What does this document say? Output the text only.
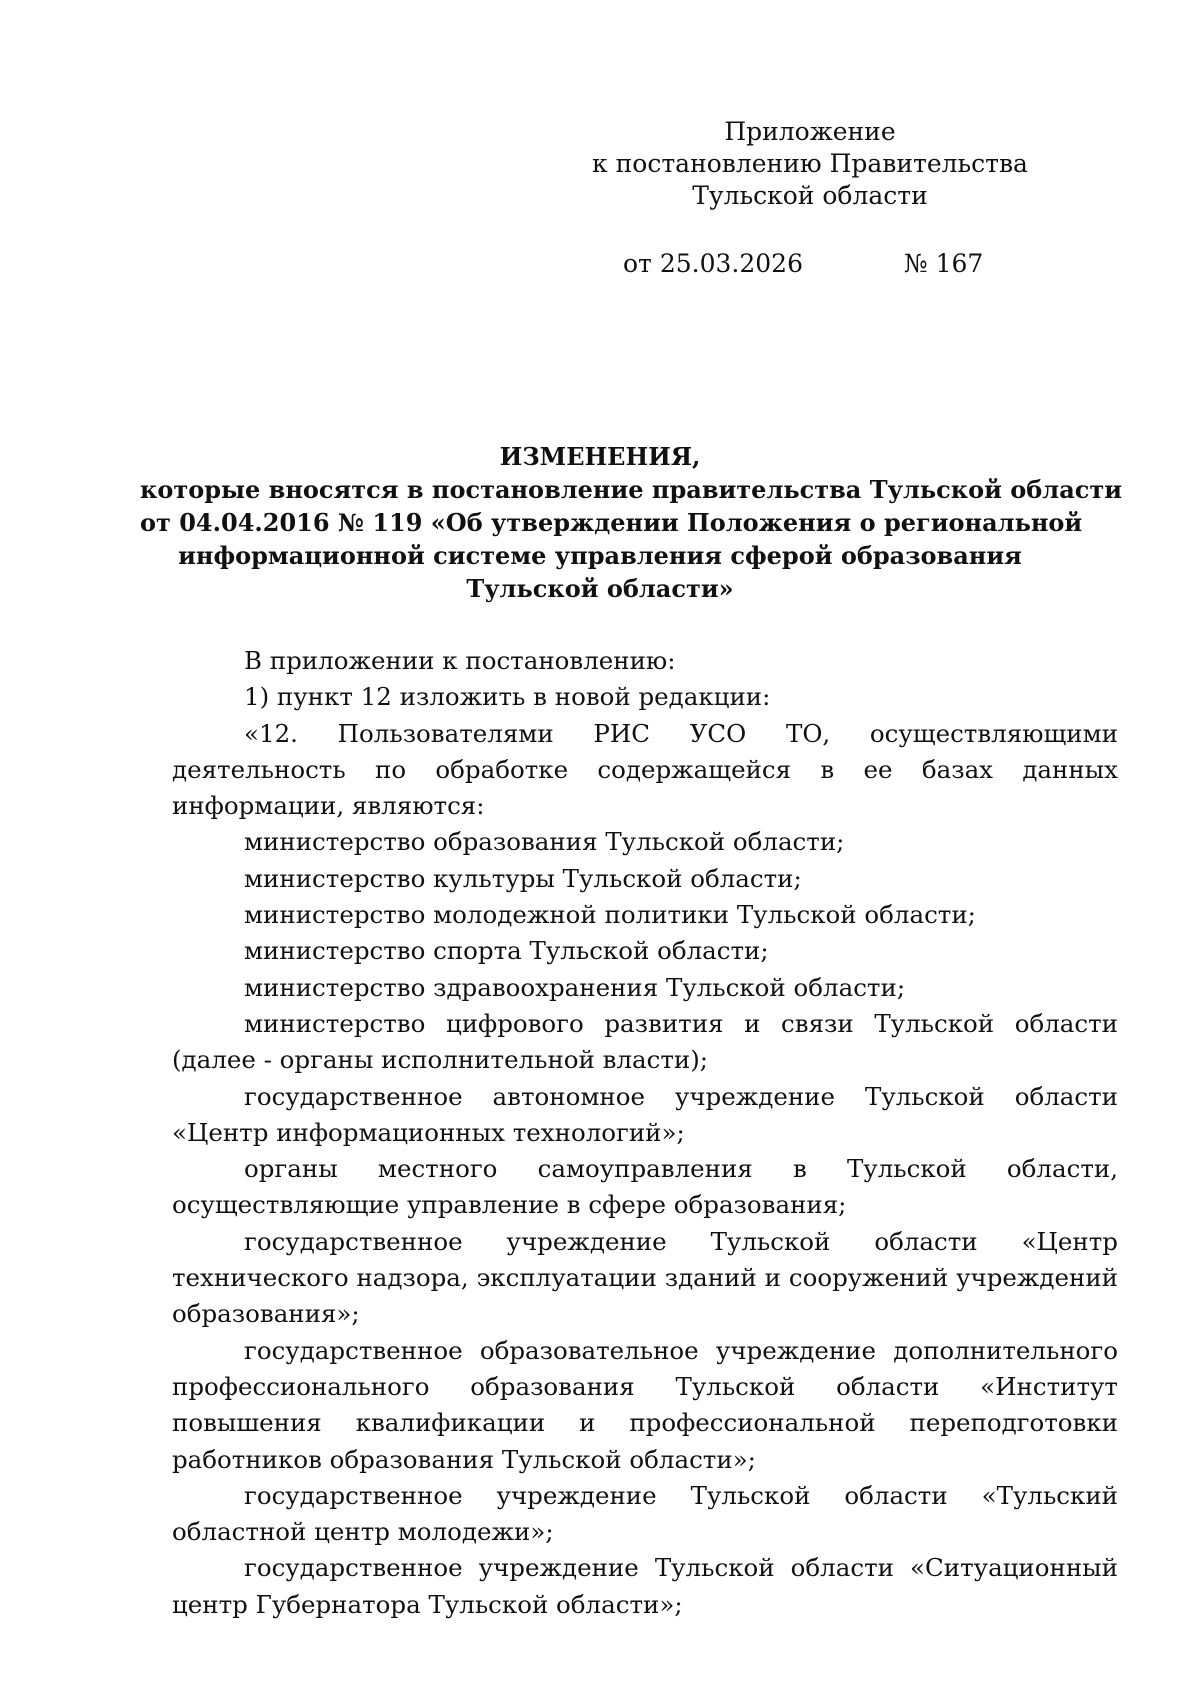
Приложение
к постановлению Правительства
Тульской области
от 25.03.2026	№ 167
ИЗМЕНЕНИЯ,
которые вносятся в постановление правительства Тульской области
от 04.04.2016 № 119 «Об утверждении Положения о региональной
информационной системе управления сферой образования
Тульской области»

В приложении к постановлению:

1) пункт 12 изложить в новой редакции:

«12. Пользователями РИС УСО ТО, осуществляющими деятельность по обработке содержащейся в ее базах данных информации, являются:

министерство образования Тульской области;

министерство культуры Тульской области;

министерство молодежной политики Тульской области;

министерство спорта Тульской области;

министерство здравоохранения Тульской области;

министерство цифрового развития и связи Тульской области (далее - органы исполнительной власти);

государственное автономное учреждение Тульской области «Центр информационных технологий»;

органы местного самоуправления в Тульской области, осуществляющие управление в сфере образования;

государственное учреждение Тульской области «Центр технического надзора, эксплуатации зданий и сооружений учреждений образования»;

государственное образовательное учреждение дополнительного профессионального образования Тульской области «Институт повышения квалификации и профессиональной переподготовки работников образования Тульской области»;

государственное учреждение Тульской области «Тульский областной центр молодежи»;

государственное учреждение Тульской области «Ситуационный центр Губернатора Тульской области»;
